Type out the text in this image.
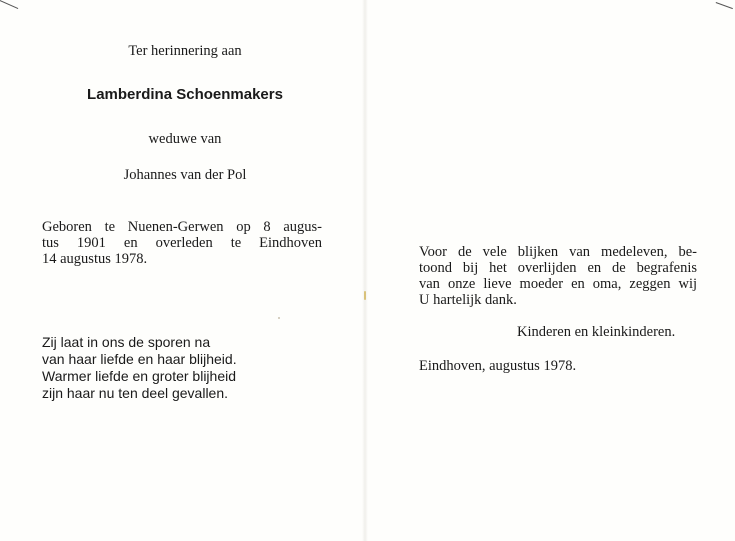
Ter herinnering aan
Lamberdina Schoenmakers
weduwe van
Johannes van der Pol
Geboren te Nuenen-Gerwen op 8 augus-
tus 1901 en overleden te Eindhoven
14 augustus 1978.
Zij laat in ons de sporen na
van haar liefde en haar blijheid.
Warmer liefde en groter blijheid
zijn haar nu ten deel gevallen.
Voor de vele blijken van medeleven, be-
toond bij het overlijden en de begrafenis
van onze lieve moeder en oma, zeggen wij
U hartelijk dank.
Kinderen en kleinkinderen.
Eindhoven, augustus 1978.
